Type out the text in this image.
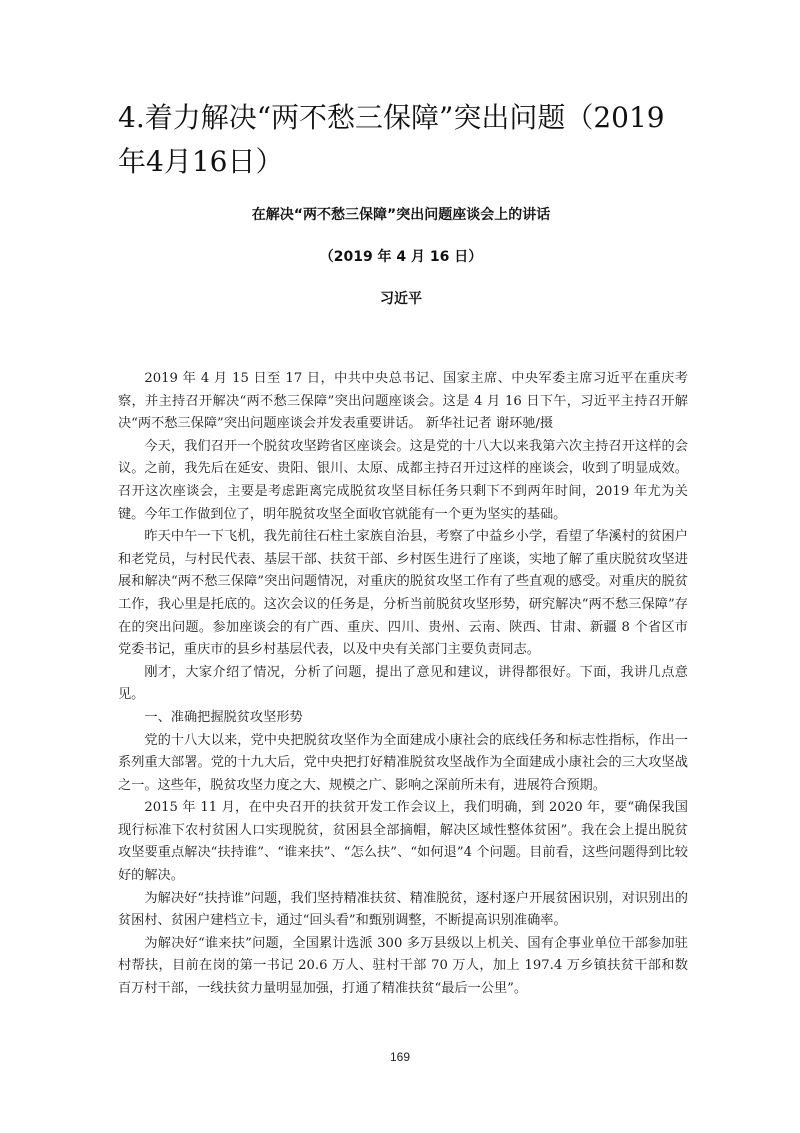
4.着力解决“两不愁三保障”突出问题（2019年4月16日）

在解决“两不愁三保障”突出问题座谈会上的讲话

（2019 年 4 月 16 日）

习近平

2019 年 4 月 15 日至 17 日，中共中央总书记、国家主席、中央军委主席习近平在重庆考察，并主持召开解决“两不愁三保障”突出问题座谈会。这是 4 月 16 日下午，习近平主持召开解决“两不愁三保障”突出问题座谈会并发表重要讲话。 新华社记者 谢环驰/摄

今天，我们召开一个脱贫攻坚跨省区座谈会。这是党的十八大以来我第六次主持召开这样的会议。之前，我先后在延安、贵阳、银川、太原、成都主持召开过这样的座谈会，收到了明显成效。召开这次座谈会，主要是考虑距离完成脱贫攻坚目标任务只剩下不到两年时间，2019 年尤为关键。今年工作做到位了，明年脱贫攻坚全面收官就能有一个更为坚实的基础。

昨天中午一下飞机，我先前往石柱土家族自治县，考察了中益乡小学，看望了华溪村的贫困户和老党员，与村民代表、基层干部、扶贫干部、乡村医生进行了座谈，实地了解了重庆脱贫攻坚进展和解决“两不愁三保障”突出问题情况，对重庆的脱贫攻坚工作有了些直观的感受。对重庆的脱贫工作，我心里是托底的。这次会议的任务是，分析当前脱贫攻坚形势，研究解决“两不愁三保障”存在的突出问题。参加座谈会的有广西、重庆、四川、贵州、云南、陕西、甘肃、新疆 8 个省区市党委书记，重庆市的县乡村基层代表，以及中央有关部门主要负责同志。

刚才，大家介绍了情况，分析了问题，提出了意见和建议，讲得都很好。下面，我讲几点意见。

一、准确把握脱贫攻坚形势

党的十八大以来，党中央把脱贫攻坚作为全面建成小康社会的底线任务和标志性指标，作出一系列重大部署。党的十九大后，党中央把打好精准脱贫攻坚战作为全面建成小康社会的三大攻坚战之一。这些年，脱贫攻坚力度之大、规模之广、影响之深前所未有，进展符合预期。

2015 年 11 月，在中央召开的扶贫开发工作会议上，我们明确，到 2020 年，要“确保我国现行标准下农村贫困人口实现脱贫，贫困县全部摘帽，解决区域性整体贫困”。我在会上提出脱贫攻坚要重点解决“扶持谁”、“谁来扶”、“怎么扶”、“如何退”4 个问题。目前看，这些问题得到比较好的解决。

为解决好“扶持谁”问题，我们坚持精准扶贫、精准脱贫，逐村逐户开展贫困识别，对识别出的贫困村、贫困户建档立卡，通过“回头看”和甄别调整，不断提高识别准确率。

为解决好“谁来扶”问题，全国累计选派 300 多万县级以上机关、国有企事业单位干部参加驻村帮扶，目前在岗的第一书记 20.6 万人、驻村干部 70 万人，加上 197.4 万乡镇扶贫干部和数百万村干部，一线扶贫力量明显加强，打通了精准扶贫“最后一公里”。

169
